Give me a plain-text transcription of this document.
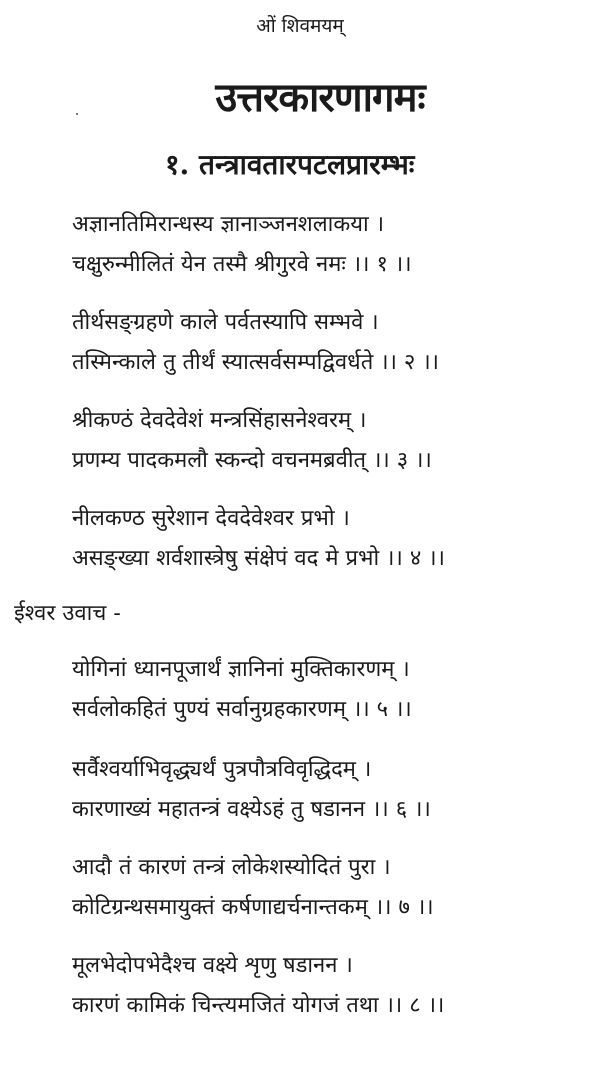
ओं शिवमयम्
उत्तरकारणागमः
१. तन्त्रावतारपटलप्रारम्भः
अज्ञानतिमिरान्धस्य ज्ञानाञ्जनशलाकया ।
चक्षुरुन्मीलितं येन तस्मै श्रीगुरवे नमः ।। १ ।।
तीर्थसङ्ग्रहणे काले पर्वतस्यापि सम्भवे ।
तस्मिन्काले तु तीर्थं स्यात्सर्वसम्पद्विवर्धते ।। २ ।।
श्रीकण्ठं देवदेवेशं मन्त्रसिंहासनेश्वरम् ।
प्रणम्य पादकमलौ स्कन्दो वचनमब्रवीत् ।। ३ ।।
नीलकण्ठ सुरेशान देवदेवेश्वर प्रभो ।
असङ्ख्या शर्वशास्त्रेषु संक्षेपं वद मे प्रभो ।। ४ ।।
ईश्वर उवाच -
योगिनां ध्यानपूजार्थं ज्ञानिनां मुक्तिकारणम् ।
सर्वलोकहितं पुण्यं सर्वानुग्रहकारणम् ।। ५ ।।
सर्वैश्वर्याभिवृद्ध्यर्थं पुत्रपौत्रविवृद्धिदम् ।
कारणाख्यं महातन्त्रं वक्ष्येऽहं तु षडानन ।। ६ ।।
आदौ तं कारणं तन्त्रं लोकेशस्योदितं पुरा ।
कोटिग्रन्थसमायुक्तं कर्षणाद्यर्चनान्तकम् ।। ७ ।।
मूलभेदोपभेदैश्च वक्ष्ये शृणु षडानन ।
कारणं कामिकं चिन्त्यमजितं योगजं तथा ।। ८ ।।
